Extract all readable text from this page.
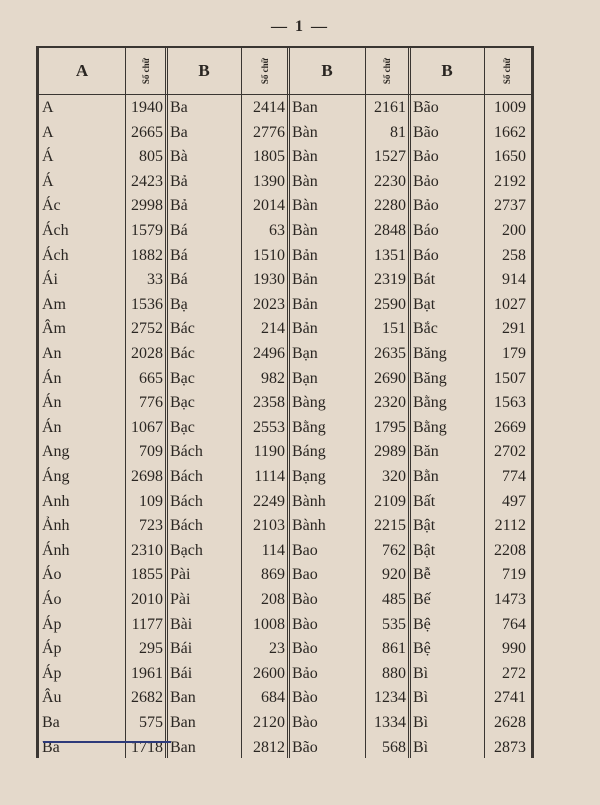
— 1 —
A	Số chữ	B	Số chữ	B	Số chữ	B	Số chữ
A	1940 Ba	2414 Ban	2161 Bão	1009
A	2665 Ba	2776 Bàn	81 Bão	1662
Á	805 Bà	1805 Bàn	1527 Bảo	1650
Á	2423 Bả	1390 Bàn	2230 Bảo	2192
Ác	2998 Bả	2014 Bàn	2280 Bảo	2737
Ách	1579 Bá	63 Bàn	2848 Báo	200
Ách	1882 Bá	1510 Bản	1351 Báo	258
Ái	33 Bá	1930 Bản	2319 Bát	914
Am	1536 Bạ	2023 Bản	2590 Bạt	1027
Âm	2752 Bác	214 Bản	151 Bắc	291
An	2028 Bác	2496 Bạn	2635 Băng	179
Án	665 Bạc	982 Bạn	2690 Băng	1507
Án	776 Bạc	2358 Bàng	2320 Bằng	1563
Án	1067 Bạc	2553 Bằng	1795 Bằng	2669
Ang	709 Bách	1190 Báng	2989 Băn	2702
Áng	2698 Bách	1114 Bạng	320 Bằn	774
Anh	109 Bách	2249 Bành	2109 Bất	497
Ảnh	723 Bách	2103 Bành	2215 Bật	2112
Ánh	2310 Bạch	114 Bao	762 Bật	2208
Áo	1855 Pài	869 Bao	920 Bễ	719
Áo	2010 Pài	208 Bào	485 Bế	1473
Áp	1177 Bài	1008 Bào	535 Bệ	764
Áp	295 Bái	23 Bào	861 Bệ	990
Áp	1961 Bái	2600 Bảo	880 Bì	272
Âu	2682 Ban	684 Bào	1234 Bì	2741
Ba	575 Ban	2120 Bào	1334 Bì	2628
Ba	1718 Ban	2812 Bão	568 Bì	2873
